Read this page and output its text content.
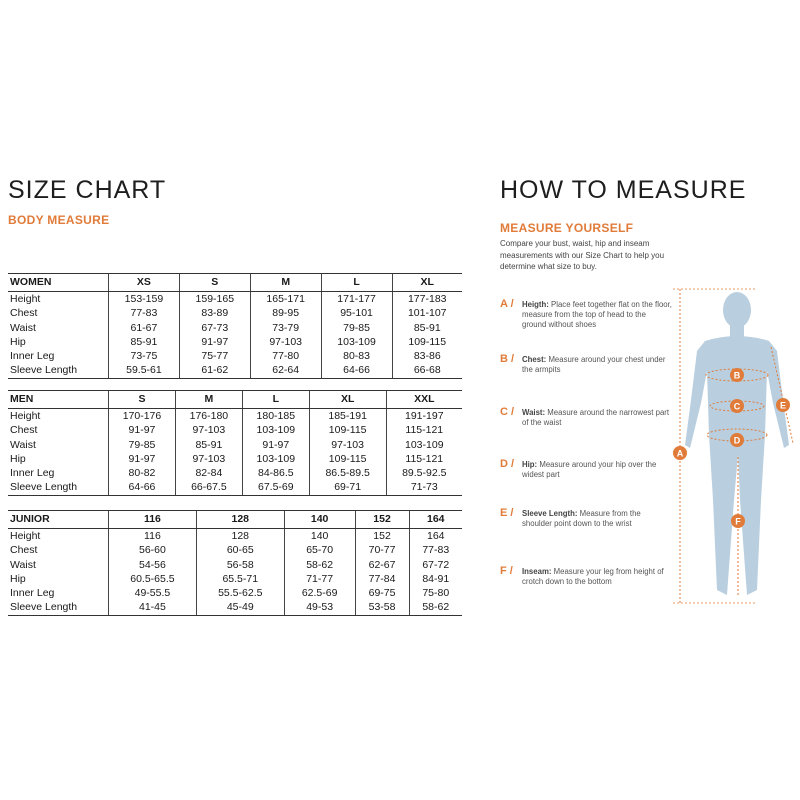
SIZE CHART
BODY MEASURE
HOW TO MEASURE
MEASURE YOURSELF
Compare your bust, waist, hip and inseam measurements with our Size Chart to help you determine what size to buy.
WOMEN	XS	S	M	L	XL
Height	153-159	159-165	165-171	171-177	177-183
Chest	77-83	83-89	89-95	95-101	101-107
Waist	61-67	67-73	73-79	79-85	85-91
Hip	85-91	91-97	97-103	103-109	109-115
Inner Leg	73-75	75-77	77-80	80-83	83-86
Sleeve Length	59.5-61	61-62	62-64	64-66	66-68
MEN	S	M	L	XL	XXL
Height	170-176	176-180	180-185	185-191	191-197
Chest	91-97	97-103	103-109	109-115	115-121
Waist	79-85	85-91	91-97	97-103	103-109
Hip	91-97	97-103	103-109	109-115	115-121
Inner Leg	80-82	82-84	84-86.5	86.5-89.5	89.5-92.5
Sleeve Length	64-66	66-67.5	67.5-69	69-71	71-73
JUNIOR	116	128	140	152	164
Height	116	128	140	152	164
Chest	56-60	60-65	65-70	70-77	77-83
Waist	54-56	56-58	58-62	62-67	67-72
Hip	60.5-65.5	65.5-71	71-77	77-84	84-91
Inner Leg	49-55.5	55.5-62.5	62.5-69	69-75	75-80
Sleeve Length	41-45	45-49	49-53	53-58	58-62
A / Heigth: Place feet together flat on the floor, measure from the top of head to the ground without shoes
B / Chest: Measure around your chest under the armpits
C / Waist: Measure around the narrowest part of the waist
D / Hip: Measure around your hip over the widest part
E / Sleeve Length: Measure from the shoulder point down to the wrist
F / Inseam: Measure your leg from height of crotch down to the bottom
A
B
C
D
E
F
